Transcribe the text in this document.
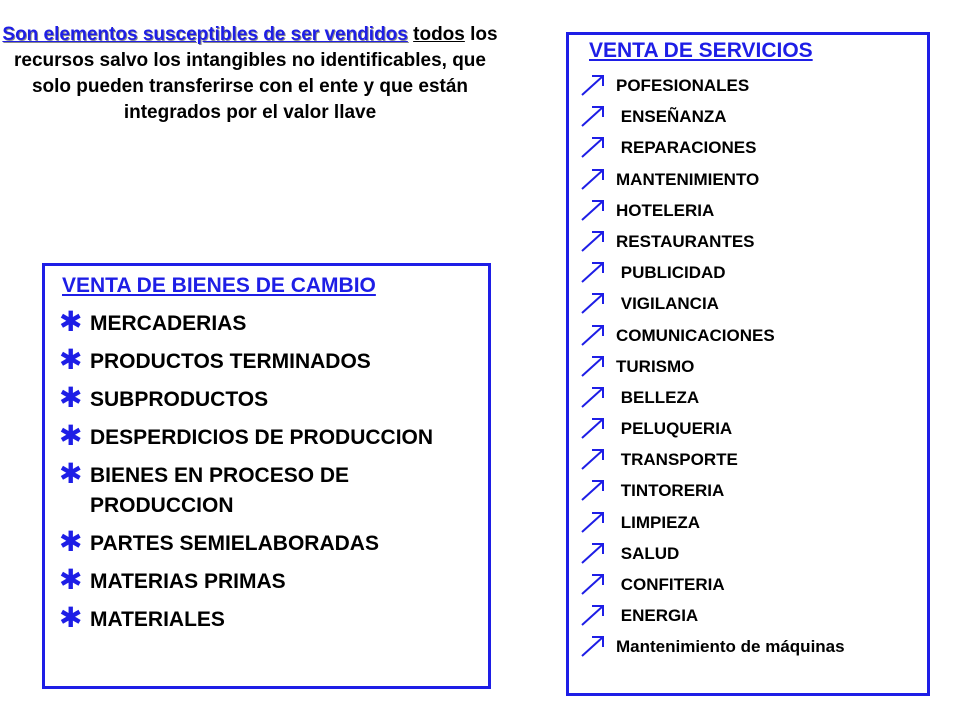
Son elementos susceptibles de ser vendidos todos los recursos salvo los intangibles no identificables, que solo pueden transferirse con el ente y que están integrados por el valor llave
VENTA DE BIENES DE CAMBIO
✱ MERCADERIAS
✱ PRODUCTOS TERMINADOS
✱ SUBPRODUCTOS
✱ DESPERDICIOS DE PRODUCCION
✱ BIENES EN PROCESO DE PRODUCCION
✱ PARTES SEMIELABORADAS
✱ MATERIAS PRIMAS
✱ MATERIALES
VENTA DE SERVICIOS
POFESIONALES
ENSEÑANZA
REPARACIONES
MANTENIMIENTO
HOTELERIA
RESTAURANTES
PUBLICIDAD
VIGILANCIA
COMUNICACIONES
TURISMO
BELLEZA
PELUQUERIA
TRANSPORTE
TINTORERIA
LIMPIEZA
SALUD
CONFITERIA
ENERGIA
Mantenimiento de máquinas
